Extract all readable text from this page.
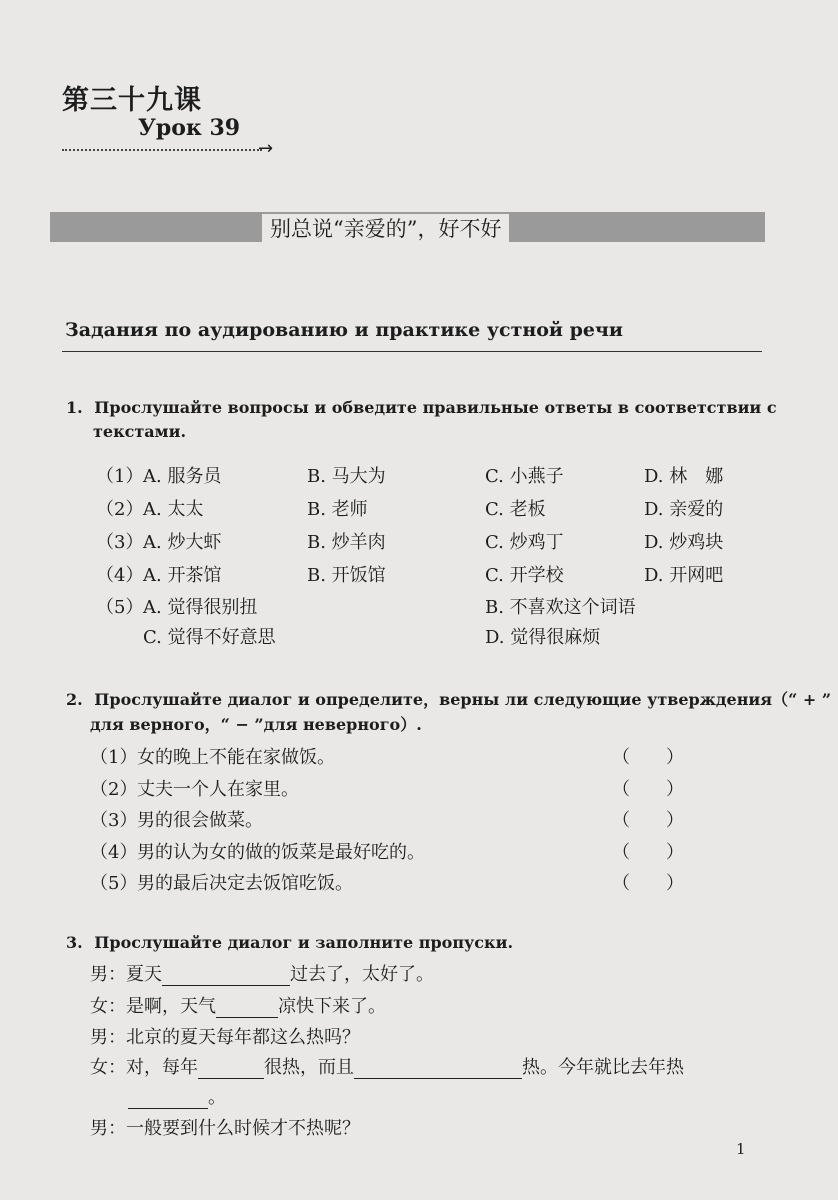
第三十九课
Урок 39
→
别总说“亲爱的”，好不好
Задания по аудированию и практике устной речи
1. Прослушайте вопросы и обведите правильные ответы в соответствии с
текстами.
（1） A. 服务员	B. 马大为	C. 小燕子	D. 林　娜
（2） A. 太太	B. 老师	C. 老板	D. 亲爱的
（3） A. 炒大虾	B. 炒羊肉	C. 炒鸡丁	D. 炒鸡块
（4） A. 开茶馆	B. 开饭馆	C. 开学校	D. 开网吧
（5） A. 觉得很别扭	B. 不喜欢这个词语
C. 觉得不好意思	D. 觉得很麻烦
2. Прослушайте диалог и определите，верны ли следующие утверждения（“ + ”
для верного，“ − ”для неверного）.
（1） 女的晚上不能在家做饭。	（　　）
（2） 丈夫一个人在家里。	（　　）
（3） 男的很会做菜。	（　　）
（4） 男的认为女的做的饭菜是最好吃的。	（　　）
（5） 男的最后决定去饭馆吃饭。	（　　）
3. Прослушайте диалог и заполните пропуски.
男：夏天	过去了，太好了。
女：是啊，天气	凉快下来了。
男：北京的夏天每年都这么热吗？
女：对，每年	很热，而且	热。今年就比去年热
。
男：一般要到什么时候才不热呢？
1
